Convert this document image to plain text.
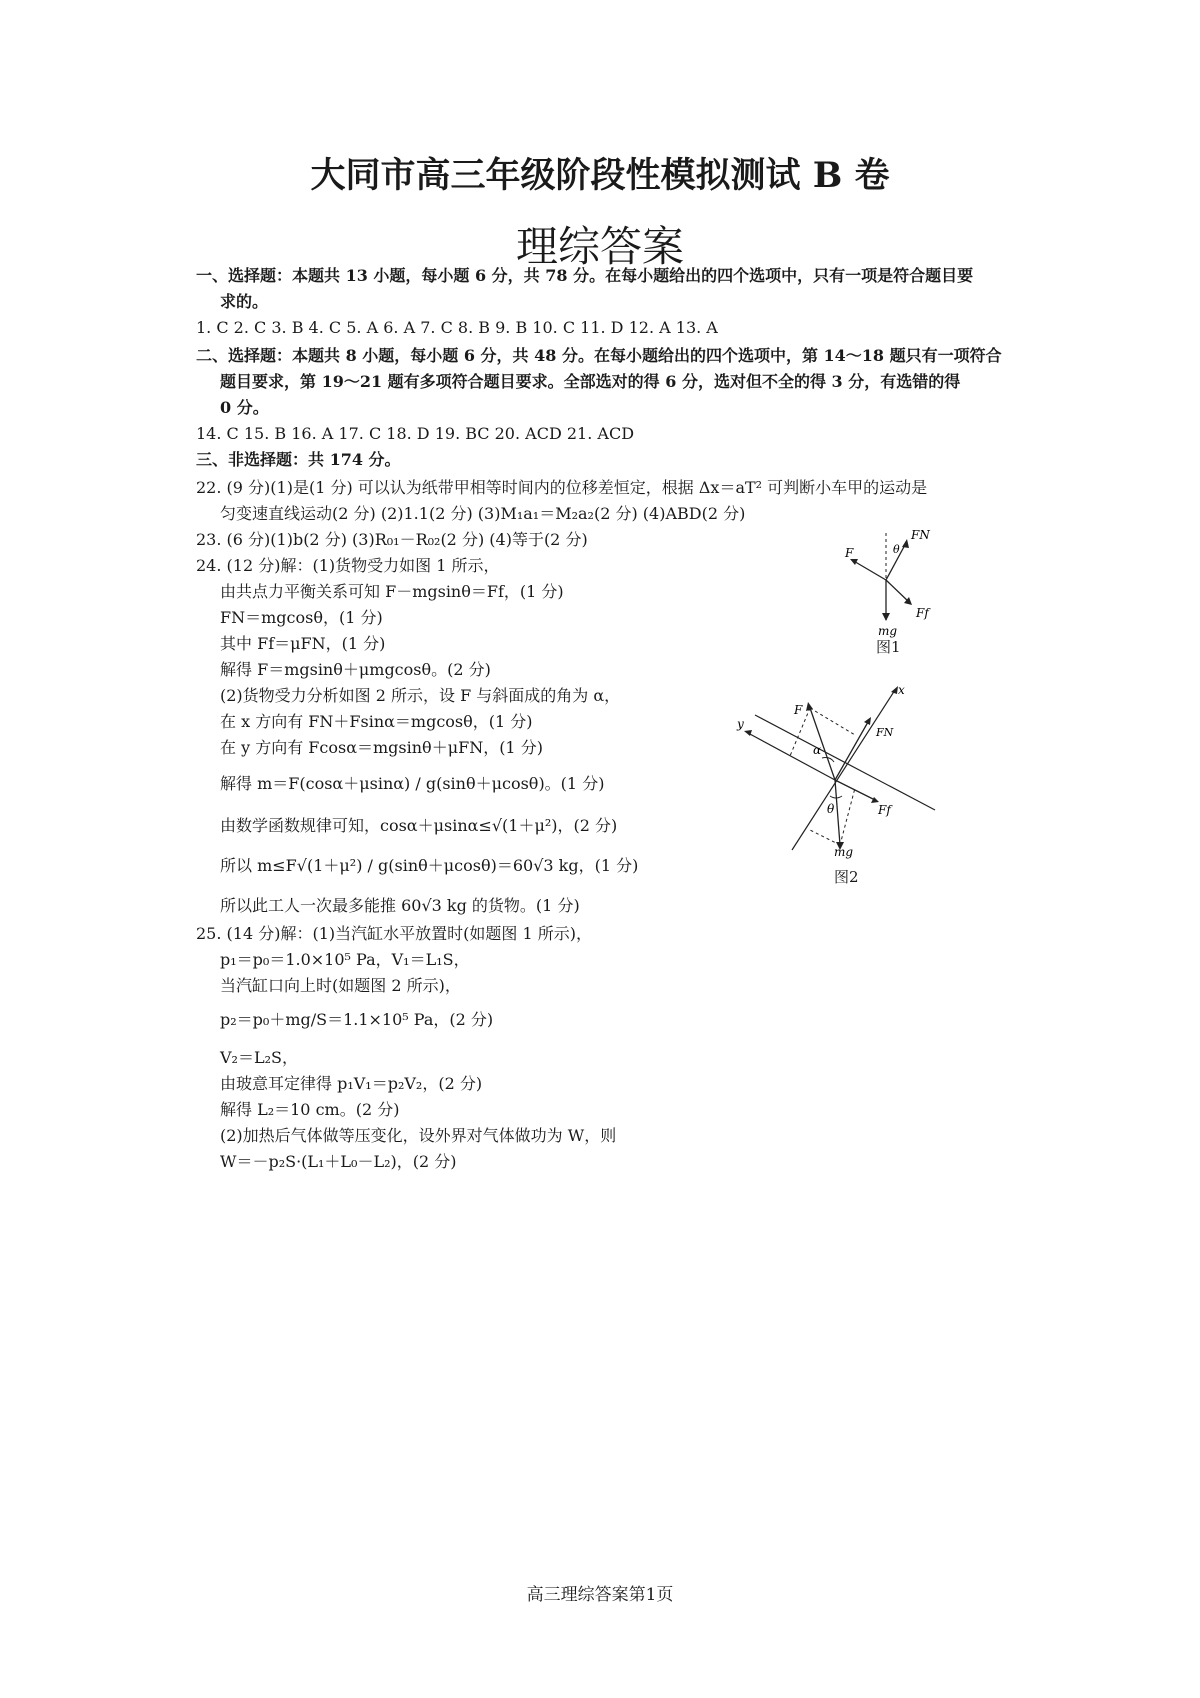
大同市高三年级阶段性模拟测试 B 卷
理综答案
一、选择题：本题共 13 小题，每小题 6 分，共 78 分。在每小题给出的四个选项中，只有一项是符合题目要
求的。
1. C 2. C 3. B 4. C 5. A 6. A 7. C 8. B 9. B 10. C 11. D 12. A 13. A
二、选择题：本题共 8 小题，每小题 6 分，共 48 分。在每小题给出的四个选项中，第 14～18 题只有一项符合
题目要求，第 19～21 题有多项符合题目要求。全部选对的得 6 分，选对但不全的得 3 分，有选错的得
0 分。
14. C 15. B 16. A 17. C 18. D 19. BC 20. ACD 21. ACD
三、非选择题：共 174 分。
22. (9 分)(1)是(1 分) 可以认为纸带甲相等时间内的位移差恒定，根据 Δx＝aT² 可判断小车甲的运动是
匀变速直线运动(2 分) (2)1.1(2 分) (3)M₁a₁＝M₂a₂(2 分) (4)ABD(2 分)
23. (6 分)(1)b(2 分) (3)R₀₁－R₀₂(2 分) (4)等于(2 分)
24. (12 分)解：(1)货物受力如图 1 所示，
由共点力平衡关系可知 F－mgsinθ＝Ff，(1 分)
FN＝mgcosθ，(1 分)
其中 Ff＝μFN，(1 分)
解得 F＝mgsinθ＋μmgcosθ。(2 分)
(2)货物受力分析如图 2 所示，设 F 与斜面成的角为 α，
在 x 方向有 FN＋Fsinα＝mgcosθ，(1 分)
在 y 方向有 Fcosα＝mgsinθ＋μFN，(1 分)
解得 m＝F(cosα＋μsinα) / g(sinθ＋μcosθ)。(1 分)
由数学函数规律可知，cosα＋μsinα≤√(1＋μ²)，(2 分)
所以 m≤F√(1＋μ²) / g(sinθ＋μcosθ)＝60√3 kg，(1 分)
所以此工人一次最多能推 60√3 kg 的货物。(1 分)
25. (14 分)解：(1)当汽缸水平放置时(如题图 1 所示)，
p₁＝p₀＝1.0×10⁵ Pa，V₁＝L₁S，
当汽缸口向上时(如题图 2 所示)，
p₂＝p₀＋mg/S＝1.1×10⁵ Pa，(2 分)
V₂＝L₂S，
由玻意耳定律得 p₁V₁＝p₂V₂，(2 分)
解得 L₂＝10 cm。(2 分)
(2)加热后气体做等压变化，设外界对气体做功为 W，则
W＝－p₂S·(L₁＋L₀－L₂)，(2 分)
F	θ
FN
Ff
mg
图1
x
y
F
α
FN
θ	Ff
mg
图2
高三理综答案第1页
